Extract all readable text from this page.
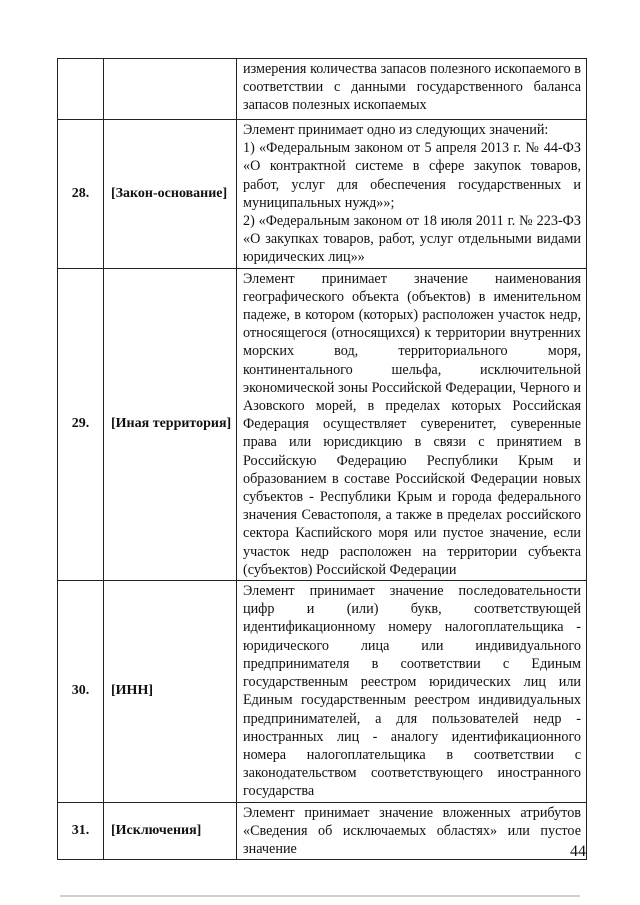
		измерения количества запасов полезного ископаемого в соответствии с данными государственного баланса запасов полезных ископаемых

28.	[Закон-основание]	Элемент принимает одно из следующих значений:
1) «Федеральным законом от 5 апреля 2013 г. № 44-ФЗ «О контрактной системе в сфере закупок товаров, работ, услуг для обеспечения государственных и муниципальных нужд»»;
2) «Федеральным законом от 18 июля 2011 г. № 223-ФЗ «О закупках товаров, работ, услуг отдельными видами юридических лиц»»

29.	[Иная территория]	Элемент принимает значение наименования географического объекта (объектов) в именительном падеже, в котором (которых) расположен участок недр, относящегося (относящихся) к территории внутренних морских вод, территориального моря, континентального шельфа, исключительной экономической зоны Российской Федерации, Черного и Азовского морей, в пределах которых Российская Федерация осуществляет суверенитет, суверенные права или юрисдикцию в связи с принятием в Российскую Федерацию Республики Крым и образованием в составе Российской Федерации новых субъектов - Республики Крым и города федерального значения Севастополя, а также в пределах российского сектора Каспийского моря или пустое значение, если участок недр расположен на территории субъекта (субъектов) Российской Федерации

30.	[ИНН]	Элемент принимает значение последовательности цифр и (или) букв, соответствующей идентификационному номеру налогоплательщика - юридического лица или индивидуального предпринимателя в соответствии с Единым государственным реестром юридических лиц или Единым государственным реестром индивидуальных предпринимателей, а для пользователей недр - иностранных лиц - аналогу идентификационного номера налогоплательщика в соответствии с законодательством соответствующего иностранного государства

31.	[Исключения]	Элемент принимает значение вложенных атрибутов «Сведения об исключаемых областях» или пустое значение	44
